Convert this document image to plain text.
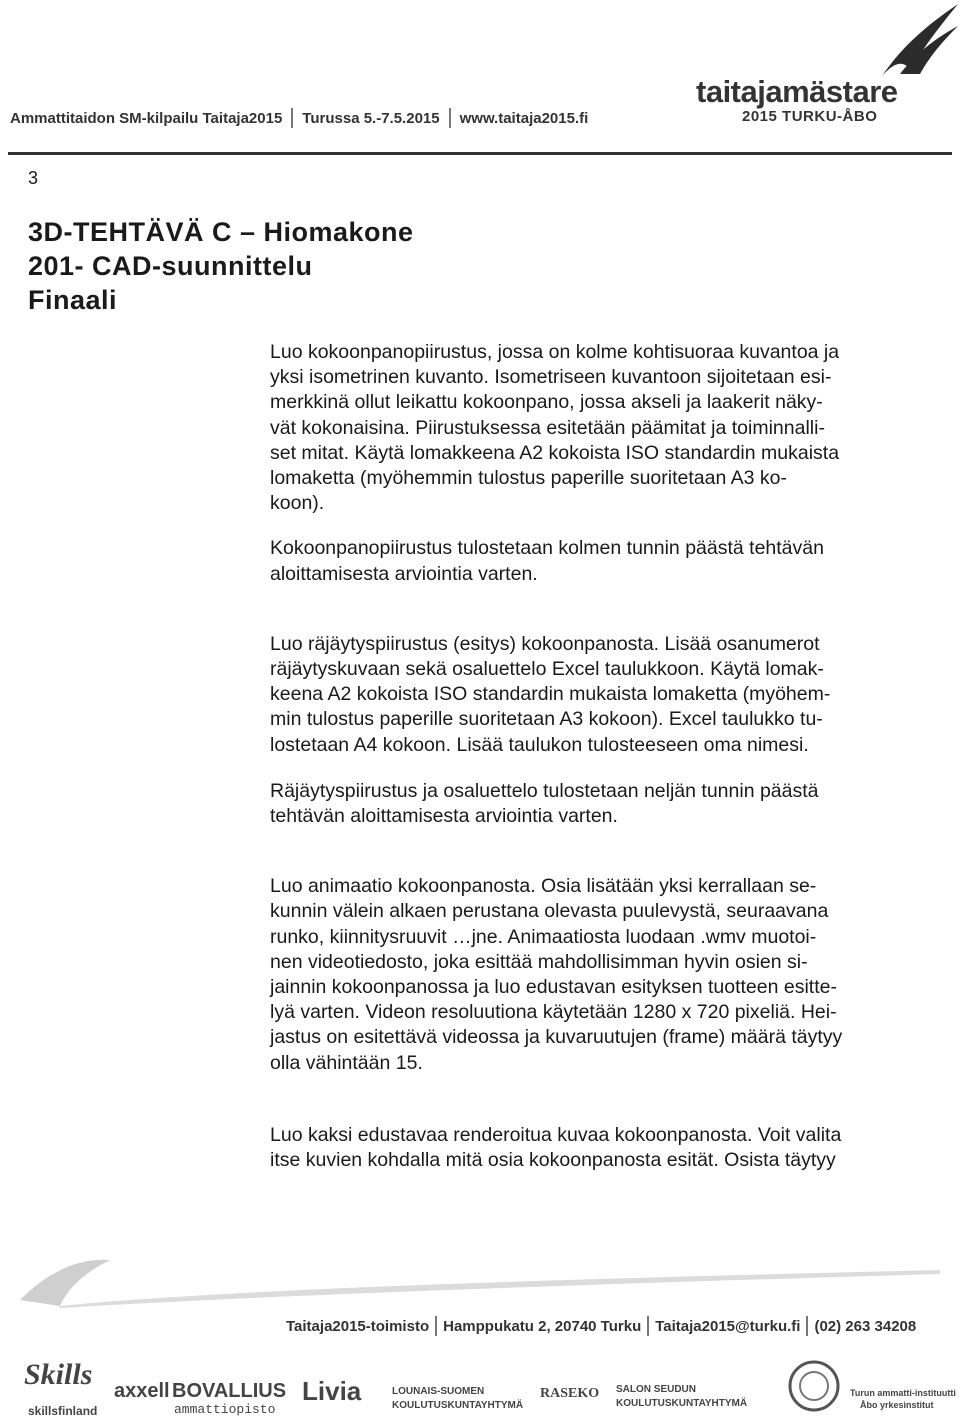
Ammattitaidon SM-kilpailu Taitaja2015 Turussa 5.-7.5.2015 www.taitaja2015.fi
taitajamästare
2015 TURKU-ÅBO
3
3D-TEHTÄVÄ C – Hiomakone
201- CAD-suunnittelu
Finaali

Luo kokoonpanopiirustus, jossa on kolme kohtisuoraa kuvantoa ja
yksi isometrinen kuvanto. Isometriseen kuvantoon sijoitetaan esi-
merkkinä ollut leikattu kokoonpano, jossa akseli ja laakerit näky-
vät kokonaisina. Piirustuksessa esitetään päämitat ja toiminnalli-
set mitat. Käytä lomakkeena A2 kokoista ISO standardin mukaista
lomaketta (myöhemmin tulostus paperille suoritetaan A3 ko-
koon).

Kokoonpanopiirustus tulostetaan kolmen tunnin päästä tehtävän
aloittamisesta arviointia varten.

Luo räjäytyspiirustus (esitys) kokoonpanosta. Lisää osanumerot
räjäytyskuvaan sekä osaluettelo Excel taulukkoon. Käytä lomak-
keena A2 kokoista ISO standardin mukaista lomaketta (myöhem-
min tulostus paperille suoritetaan A3 kokoon). Excel taulukko tu-
lostetaan A4 kokoon. Lisää taulukon tulosteeseen oma nimesi.

Räjäytyspiirustus ja osaluettelo tulostetaan neljän tunnin päästä
tehtävän aloittamisesta arviointia varten.

Luo animaatio kokoonpanosta. Osia lisätään yksi kerrallaan se-
kunnin välein alkaen perustana olevasta puulevystä, seuraavana
runko, kiinnitysruuvit …jne. Animaatiosta luodaan .wmv muotoi-
nen videotiedosto, joka esittää mahdollisimman hyvin osien si-
jainnin kokoonpanossa ja luo edustavan esityksen tuotteen esitte-
lyä varten. Videon resoluutiona käytetään 1280 x 720 pixeliä. Hei-
jastus on esitettävä videossa ja kuvaruutujen (frame) määrä täytyy
olla vähintään 15.

Luo kaksi edustavaa renderoitua kuvaa kokoonpanosta. Voit valita
itse kuvien kohdalla mitä osia kokoonpanosta esität. Osista täytyy

Taitaja2015-toimisto Hamppukatu 2, 20740 Turku Taitaja2015@turku.fi (02) 263 34208
Skills
skillsfinland
axxell BOVALLIUS
ammattiopisto
Livia	LOUNAIS-SUOMEN
KOULUTUSKUNTAYHTYMÄ
RASEKO SALON SEUDUN
KOULUTUSKUNTAYHTYMÄ
Turun ammatti-instituutti
Åbo yrkesinstitut
